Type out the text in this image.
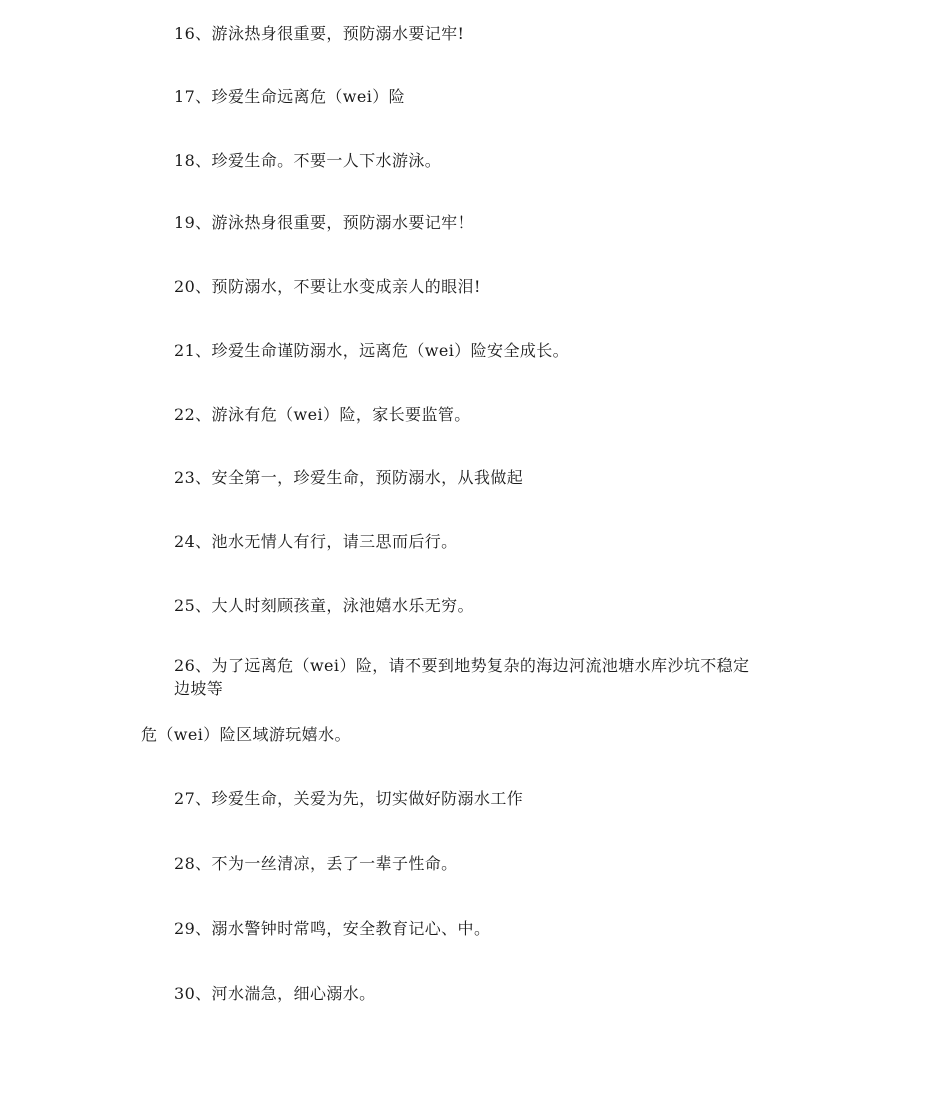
16、游泳热身很重要，预防溺水要记牢!
17、珍爱生命远离危（wei）险
18、珍爱生命。不要一人下水游泳。
19、游泳热身很重要，预防溺水要记牢！
20、预防溺水，不要让水变成亲人的眼泪!
21、珍爱生命谨防溺水，远离危（wei）险安全成长。
22、游泳有危（wei）险，家长要监管。
23、安全第一，珍爱生命，预防溺水，从我做起
24、池水无情人有行，请三思而后行。
25、大人时刻顾孩童，泳池嬉水乐无穷。
26、为了远离危（wei）险，请不要到地势复杂的海边河流池塘水库沙坑不稳定
边坡等
危（wei）险区域游玩嬉水。
27、珍爱生命，关爱为先，切实做好防溺水工作
28、不为一丝清凉，丢了一辈子性命。
29、溺水警钟时常鸣，安全教育记心、中。
30、河水湍急，细心溺水。
